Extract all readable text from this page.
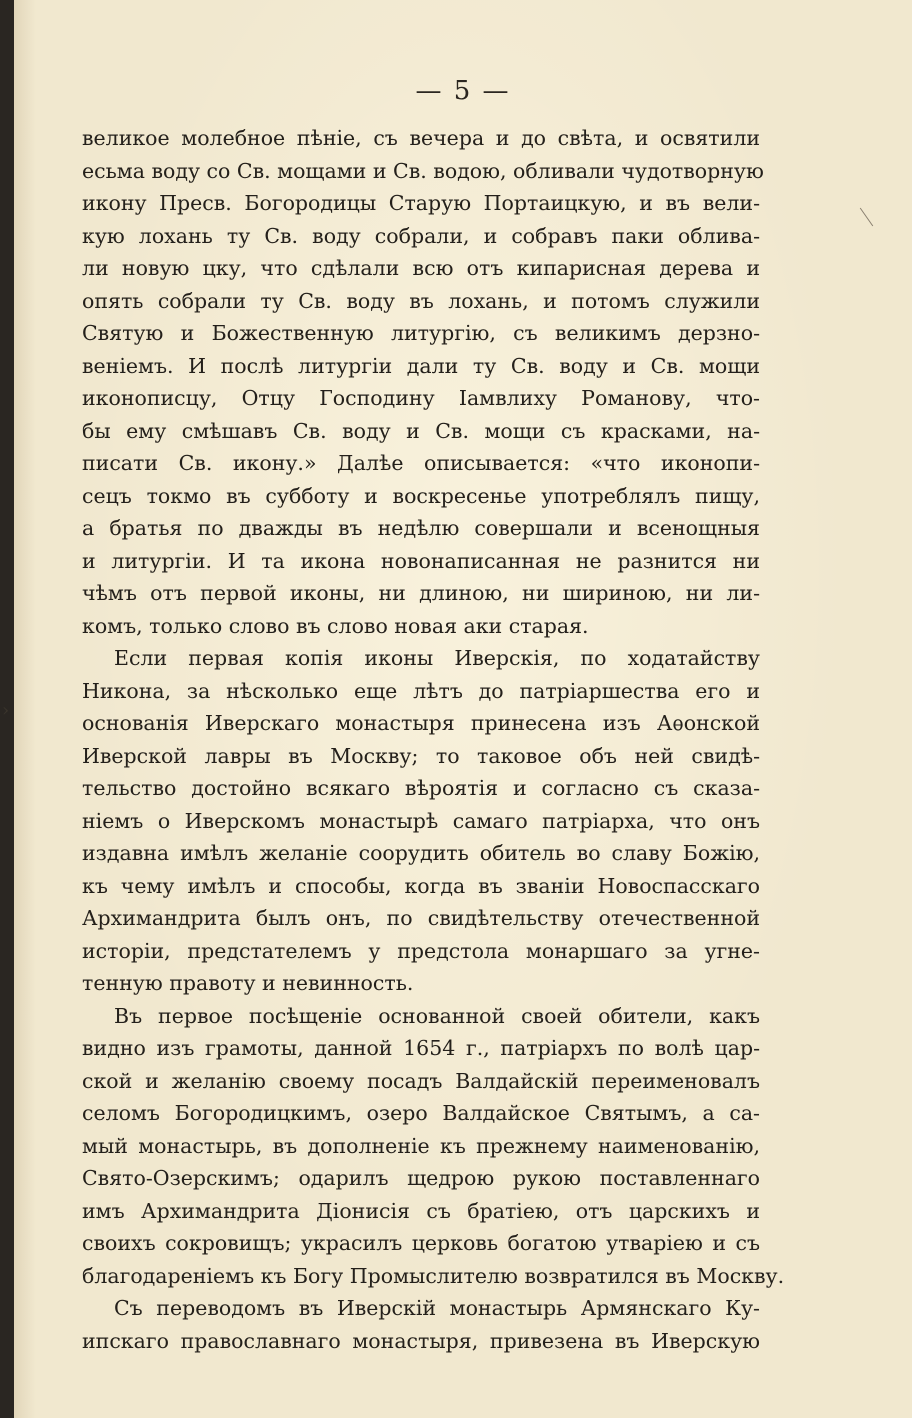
— 5 —
великое молебное пѣніе, съ вечера и до свѣта, и освятили
есьма воду со Св. мощами и Св. водою, обливали чудотворную
икону Пресв. Богородицы Старую Портаицкую, и въ вели-
кую лохань ту Св. воду собрали, и собравъ паки облива-
ли новую цку, что сдѣлали всю отъ кипарисная дерева и
опять собрали ту Св. воду въ лохань, и потомъ служили
Святую и Божественную литургію, съ великимъ дерзно-
веніемъ. И послѣ литургіи дали ту Св. воду и Св. мощи
иконописцу, Отцу Господину Іамвлиху Романову, что-
бы ему смѣшавъ Св. воду и Св. мощи съ красками, на-
писати Св. икону.» Далѣе описывается: «что иконопи-
сецъ токмо въ субботу и воскресенье употреблялъ пищу,
а братья по дважды въ недѣлю совершали и всенощныя
и литургіи. И та икона новонаписанная не разнится ни
чѣмъ отъ первой иконы, ни длиною, ни шириною, ни ли-
комъ, только слово въ слово новая аки старая.
Если первая копія иконы Иверскія, по ходатайству
Никона, за нѣсколько еще лѣтъ до патріаршества его и
основанія Иверскаго монастыря принесена изъ Аѳонской
Иверской лавры въ Москву; то таковое объ ней свидѣ-
тельство достойно всякаго вѣроятія и согласно съ сказа-
ніемъ о Иверскомъ монастырѣ самаго патріарха, что онъ
издавна имѣлъ желаніе соорудить обитель во славу Божію,
къ чему имѣлъ и способы, когда въ званіи Новоспасскаго
Архимандрита былъ онъ, по свидѣтельству отечественной
исторіи, предстателемъ у предстола монаршаго за угне-
тенную правоту и невинность.
Въ первое посѣщеніе основанной своей обители, какъ
видно изъ грамоты, данной 1654 г., патріархъ по волѣ цар-
ской и желанію своему посадъ Валдайскій переименовалъ
селомъ Богородицкимъ, озеро Валдайское Святымъ, а са-
мый монастырь, въ дополненіе къ прежнему наименованію,
Свято-Озерскимъ; одарилъ щедрою рукою поставленнаго
имъ Архимандрита Діонисія съ братіею, отъ царскихъ и
своихъ сокровищъ; украсилъ церковь богатою утваріею и съ
благодареніемъ къ Богу Промыслителю возвратился въ Москву.
Съ переводомъ въ Иверскій монастырь Армянскаго Ку-
ипскаго православнаго монастыря, привезена въ Иверскую
›
